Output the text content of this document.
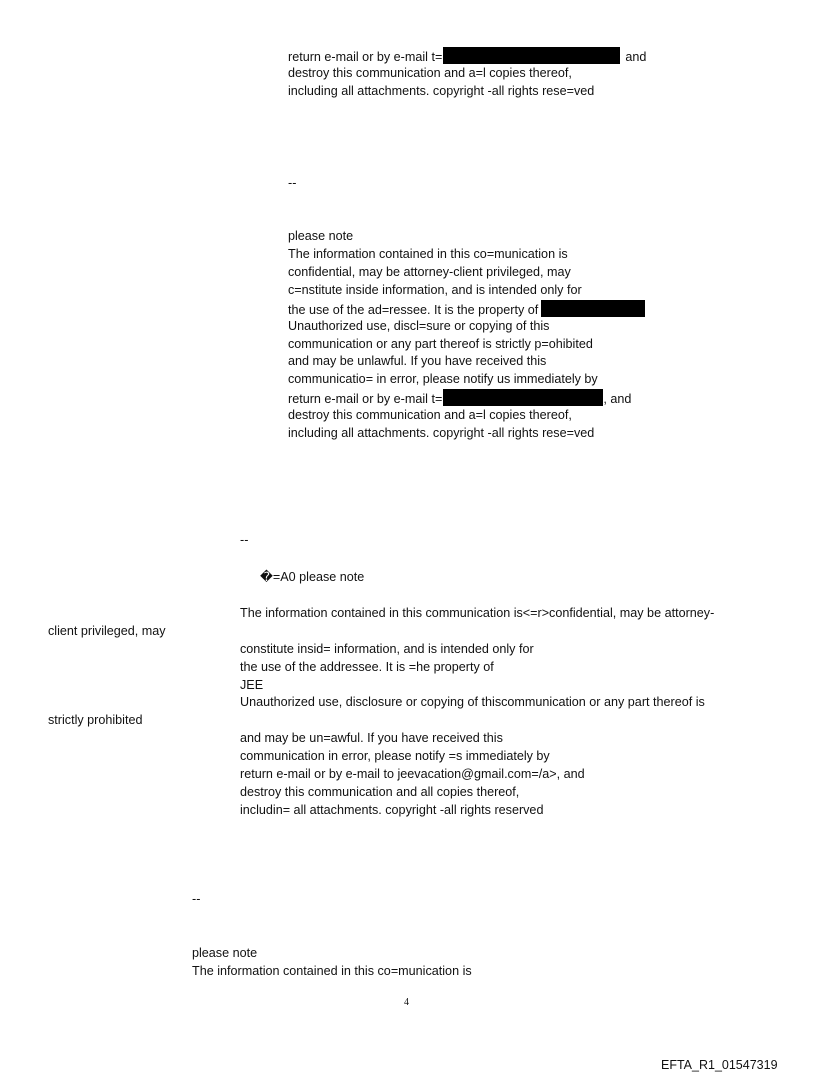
return e-mail or by e-mail t=	and
destroy this communication and a=l copies thereof,
including all attachments. copyright -all rights rese=ved
--
please note
The information contained in this co=munication is
confidential, may be attorney-client privileged, may
c=nstitute inside information, and is intended only for
the use of the ad=ressee. It is the property of
Unauthorized use, discl=sure or copying of this
communication or any part thereof is strictly p=ohibited
and may be unlawful. If you have received this
communicatio= in error, please notify us immediately by
return e-mail or by e-mail t=	, and
destroy this communication and a=l copies thereof,
including all attachments. copyright -all rights rese=ved
--
�=A0 please note
The information contained in this communication is<=r>confidential, may be attorney-
client privileged, may
constitute insid= information, and is intended only for
the use of the addressee. It is =he property of
JEE
Unauthorized use, disclosure or copying of thiscommunication or any part thereof is
strictly prohibited
and may be un=awful. If you have received this
communication in error, please notify =s immediately by
return e-mail or by e-mail to jeevacation@gmail.com=/a>, and
destroy this communication and all copies thereof,
includin= all attachments. copyright -all rights reserved
--
please note
The information contained in this co=munication is
4
EFTA_R1_01547319
